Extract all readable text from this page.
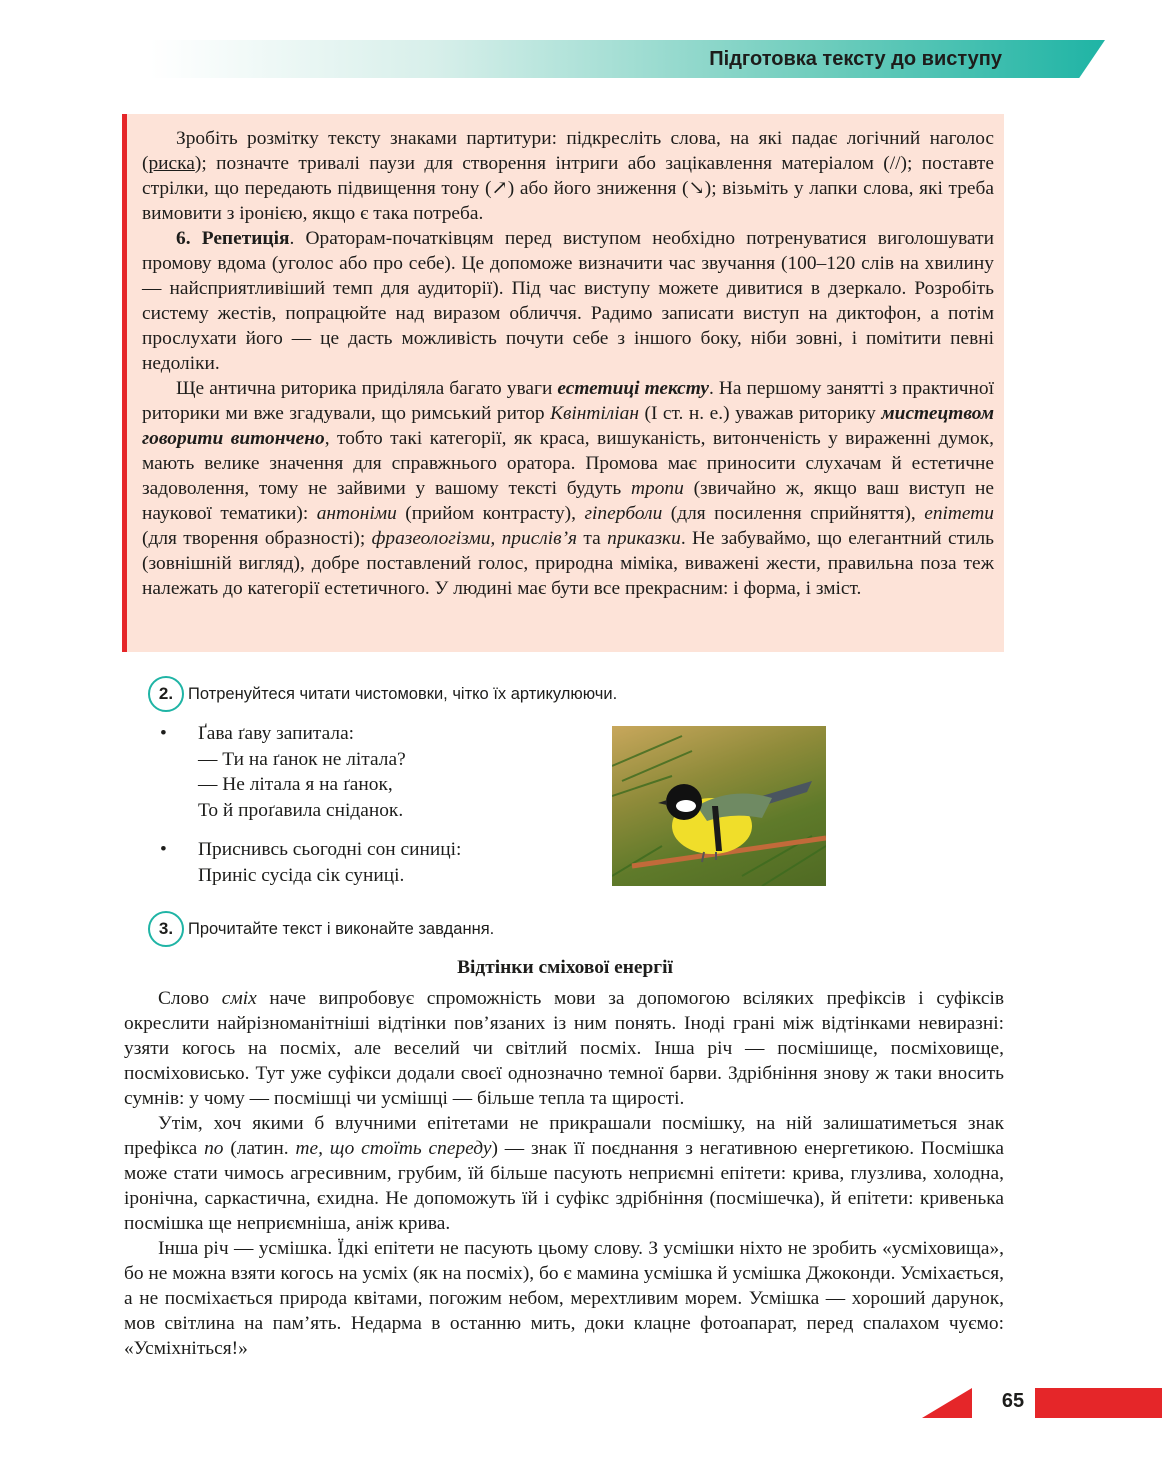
Підготовка тексту до виступу

Зробіть розмітку тексту знаками партитури: підкресліть слова, на які падає логічний наголос (риска); позначте тривалі паузи для створення інтриги або зацікавлення матеріалом (//); поставте стрілки, що передають підвищення тону (↗) або його зниження (↘); візьміть у лапки слова, які треба вимовити з іронією, якщо є така потреба.

6. Репетиція. Ораторам-початківцям перед виступом необхідно потренуватися виголошувати промову вдома (уголос або про себе). Це допоможе визначити час звучання (100–120 слів на хвилину — найсприятливіший темп для аудиторії). Під час виступу можете дивитися в дзеркало. Розробіть систему жестів, попрацюйте над виразом обличчя. Радимо записати виступ на диктофон, а потім прослухати його — це дасть можливість почути себе з іншого боку, ніби зовні, і помітити певні недоліки.

Ще антична риторика приділяла багато уваги естетиці тексту. На першому занятті з практичної риторики ми вже згадували, що римський ритор Квінтіліан (I ст. н. е.) уважав риторику мистецтвом говорити витончено, тобто такі категорії, як краса, вишуканість, витонченість у вираженні думок, мають велике значення для справжнього оратора. Промова має приносити слухачам й естетичне задоволення, тому не зайвими у вашому тексті будуть тропи (звичайно ж, якщо ваш виступ не наукової тематики): антоніми (прийом контрасту), гіперболи (для посилення сприйняття), епітети (для творення образності); фразеологізми, прислів’я та приказки. Не забуваймо, що елегантний стиль (зовнішній вигляд), добре поставлений голос, природна міміка, виважені жести, правильна поза теж належать до категорії естетичного. У людині має бути все прекрасним: і форма, і зміст.

2. Потренуйтеся читати чистомовки, чітко їх артикулюючи.
•	Ґава ґаву запитала:
— Ти на ґанок не літала?
— Не літала я на ґанок,
То й проґавила сніданок.
•	Приснивсь сьогодні сон синиці:
Приніс сусіда сік суниці.
3. Прочитайте текст і виконайте завдання.
Відтінки сміхової енергії

Слово сміх наче випробовує спроможність мови за допомогою всіляких префіксів і суфіксів окреслити найрізноманітніші відтінки пов’язаних із ним понять. Іноді грані між відтінками невиразні: узяти когось на посміх, але веселий чи світлий посміх. Інша річ — посмішище, посміховище, посміховисько. Тут уже суфікси додали своєї однозначно темної барви. Здрібніння знову ж таки вносить сумнів: у чому — посмішці чи усмішці — більше тепла та щирості.

Утім, хоч якими б влучними епітетами не прикрашали посмішку, на ній залишатиметься знак префікса по (латин. те, що стоїть спереду) — знак її поєднання з негативною енергетикою. Посмішка може стати чимось агресивним, грубим, їй більше пасують неприємні епітети: крива, глузлива, холодна, іронічна, саркастична, єхидна. Не допоможуть їй і суфікс здрібніння (посмішечка), й епітети: кривенька посмішка ще неприємніша, аніж крива.

Інша річ — усмішка. Їдкі епітети не пасують цьому слову. З усмішки ніхто не зробить «усміховища», бо не можна взяти когось на усміх (як на посміх), бо є мамина усмішка й усмішка Джоконди. Усміхається, а не посміхається природа квітами, погожим небом, мерехтливим морем. Усмішка — хороший дарунок, мов світлина на пам’ять. Недарма в останню мить, доки клацне фотоапарат, перед спалахом чуємо: «Усміхніться!»

65
